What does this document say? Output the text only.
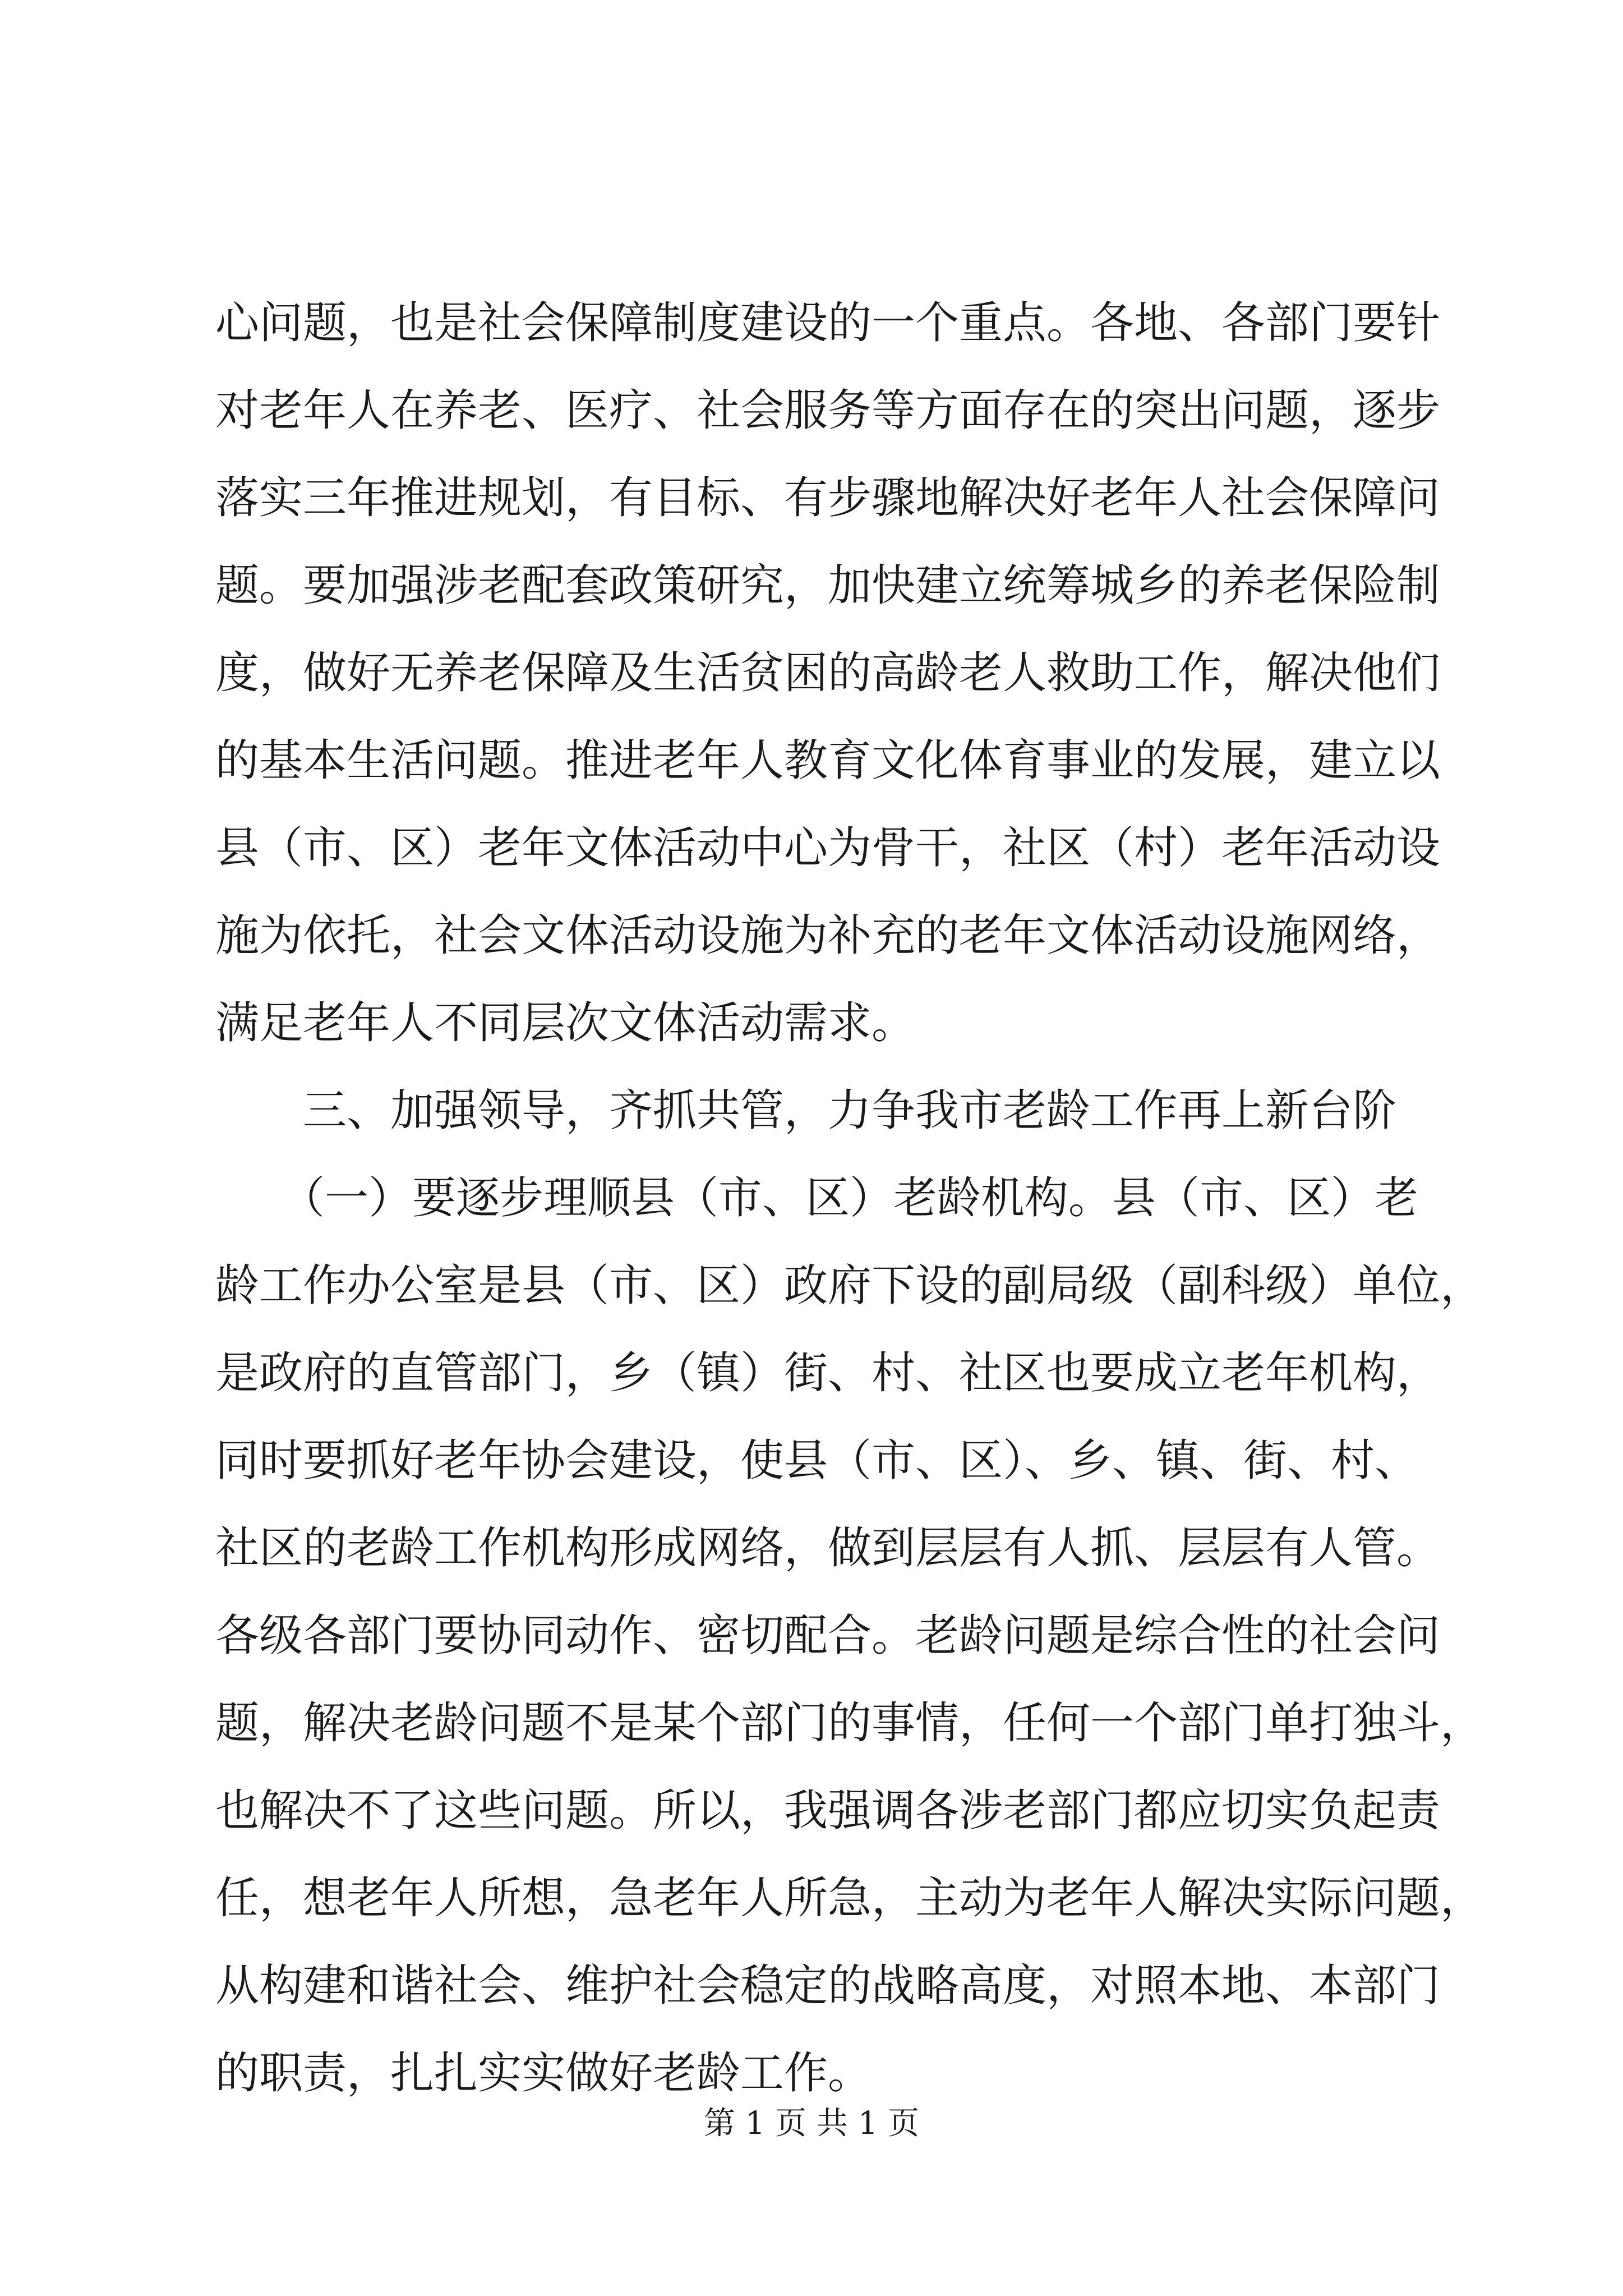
心问题，也是社会保障制度建设的一个重点。各地、各部门要针
对老年人在养老、医疗、社会服务等方面存在的突出问题，逐步
落实三年推进规划，有目标、有步骤地解决好老年人社会保障问
题。要加强涉老配套政策研究，加快建立统筹城乡的养老保险制
度，做好无养老保障及生活贫困的高龄老人救助工作，解决他们
的基本生活问题。推进老年人教育文化体育事业的发展，建立以
县（市、区）老年文体活动中心为骨干，社区（村）老年活动设
施为依托，社会文体活动设施为补充的老年文体活动设施网络，
满足老年人不同层次文体活动需求。
　　三、加强领导，齐抓共管，力争我市老龄工作再上新台阶
　　（一）要逐步理顺县（市、区）老龄机构。县（市、区）老
龄工作办公室是县（市、区）政府下设的副局级（副科级）单位，
是政府的直管部门，乡（镇）街、村、社区也要成立老年机构，
同时要抓好老年协会建设，使县（市、区）、乡、镇、街、村、
社区的老龄工作机构形成网络，做到层层有人抓、层层有人管。
各级各部门要协同动作、密切配合。老龄问题是综合性的社会问
题，解决老龄问题不是某个部门的事情，任何一个部门单打独斗，
也解决不了这些问题。所以，我强调各涉老部门都应切实负起责
任，想老年人所想，急老年人所急，主动为老年人解决实际问题，
从构建和谐社会、维护社会稳定的战略高度，对照本地、本部门
的职责，扎扎实实做好老龄工作。
第 1 页 共 1 页
